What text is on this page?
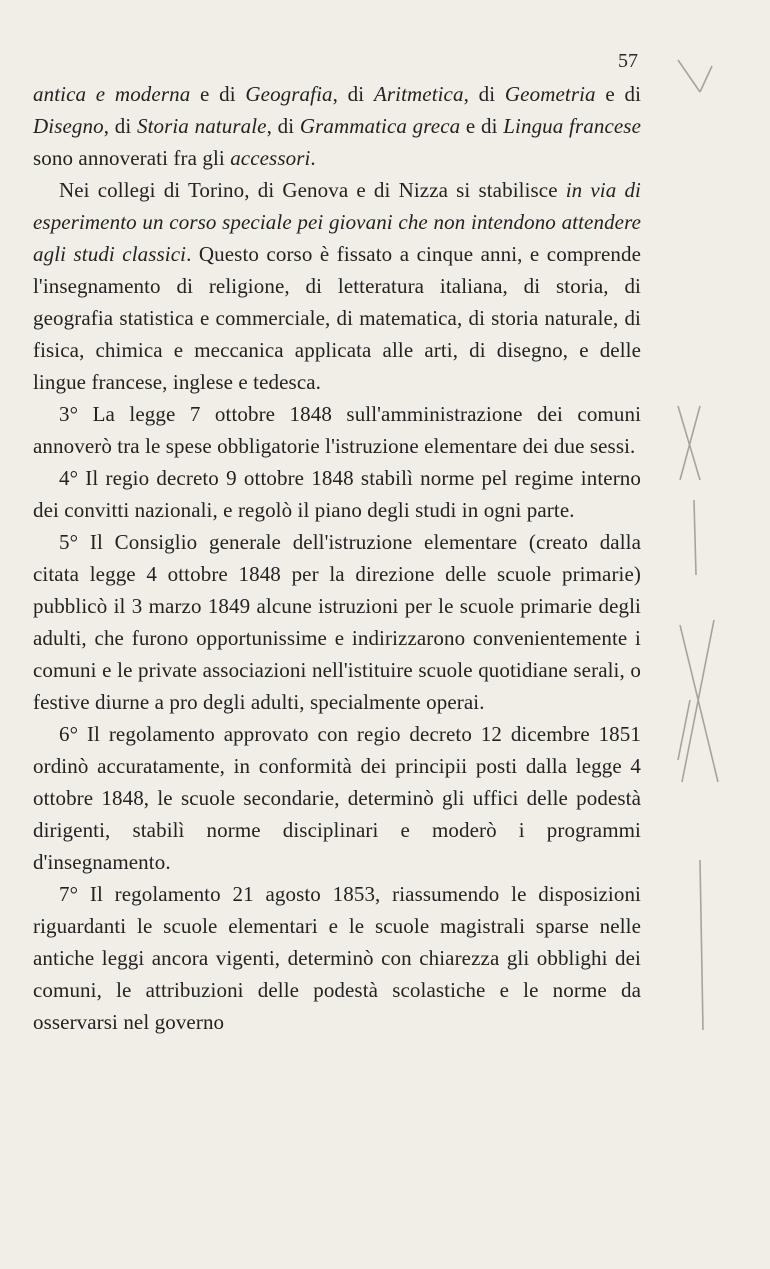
57

antica e moderna e di Geografia, di Aritmetica, di Geometria e di Disegno, di Storia naturale, di Grammatica greca e di Lingua francese sono annoverati fra gli accessori.

Nei collegi di Torino, di Genova e di Nizza si stabilisce in via di esperimento un corso speciale pei giovani che non intendono attendere agli studi classici. Questo corso è fissato a cinque anni, e comprende l'insegnamento di religione, di letteratura italiana, di storia, di geografia statistica e commerciale, di matematica, di storia naturale, di fisica, chimica e meccanica applicata alle arti, di disegno, e delle lingue francese, inglese e tedesca.

3° La legge 7 ottobre 1848 sull'amministrazione dei comuni annoverò tra le spese obbligatorie l'istruzione elementare dei due sessi.

4° Il regio decreto 9 ottobre 1848 stabilì norme pel regime interno dei convitti nazionali, e regolò il piano degli studi in ogni parte.

5° Il Consiglio generale dell'istruzione elementare (creato dalla citata legge 4 ottobre 1848 per la direzione delle scuole primarie) pubblicò il 3 marzo 1849 alcune istruzioni per le scuole primarie degli adulti, che furono opportunissime e indirizzarono convenientemente i comuni e le private associazioni nell'istituire scuole quotidiane serali, o festive diurne a pro degli adulti, specialmente operai.

6° Il regolamento approvato con regio decreto 12 dicembre 1851 ordinò accuratamente, in conformità dei principii posti dalla legge 4 ottobre 1848, le scuole secondarie, determinò gli uffici delle podestà dirigenti, stabilì norme disciplinari e moderò i programmi d'insegnamento.

7° Il regolamento 21 agosto 1853, riassumendo le disposizioni riguardanti le scuole elementari e le scuole magistrali sparse nelle antiche leggi ancora vigenti, determinò con chiarezza gli obblighi dei comuni, le attribuzioni delle podestà scolastiche e le norme da osservarsi nel governo
